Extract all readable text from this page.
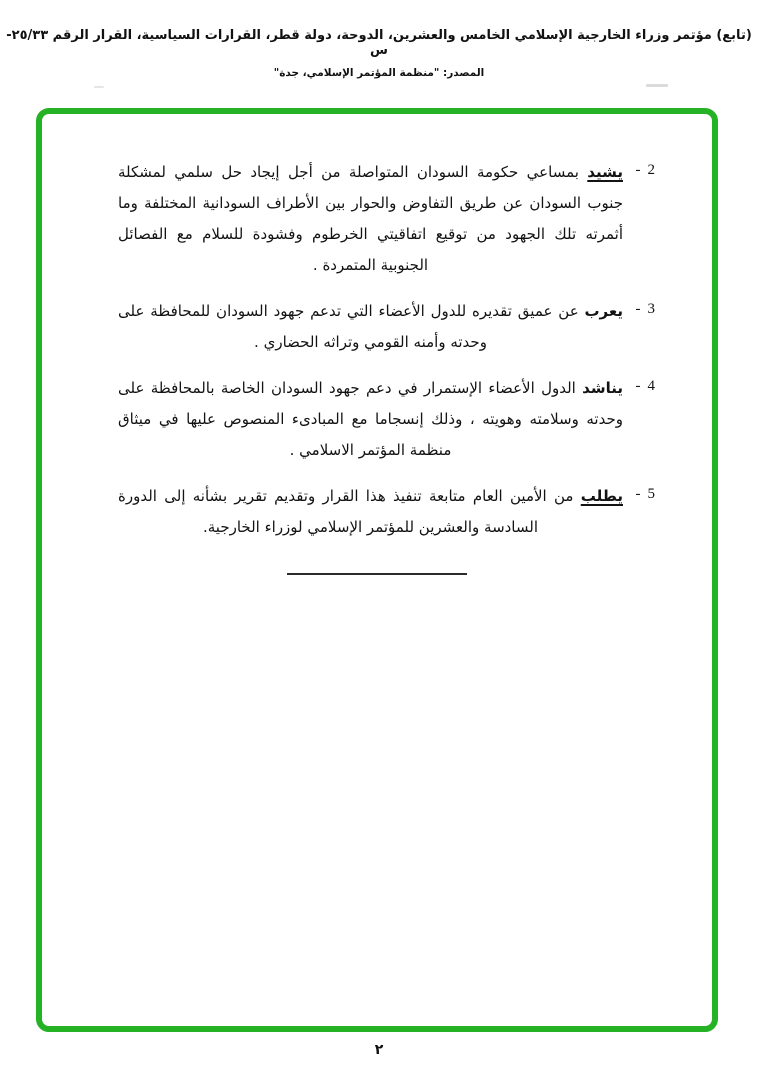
(تابع) مؤتمر وزراء الخارجية الإسلامي الخامس والعشرين، الدوحة، دولة قطر، القرارات السياسية، القرار الرقم ٢٥/٣٣-س
المصدر: "منظمة المؤتمر الإسلامي، جدة"
2
-
يشيد بمساعي حكومة السودان المتواصلة من أجل إيجاد حل سلمي لمشكلة جنوب السودان عن طريق التفاوض والحوار بين الأطراف السودانية المختلفة وما أثمرته تلك الجهود من توقيع اتفاقيتي الخرطوم وفشودة للسلام مع الفصائل الجنوبية المتمردة .
3
-
يعرب عن عميق تقديره للدول الأعضاء التي تدعم جهود السودان للمحافظة على وحدته وأمنه القومي وتراثه الحضاري .
4
-
يناشد الدول الأعضاء الإستمرار في دعم جهود السودان الخاصة بالمحافظة على وحدته وسلامته وهويته ، وذلك إنسجاما مع المبادىء المنصوص عليها في ميثاق منظمة المؤتمر الاسلامي .
5
-
يطلب من الأمين العام متابعة تنفيذ هذا القرار وتقديم تقرير بشأنه إلى الدورة السادسة والعشرين للمؤتمر الإسلامي لوزراء الخارجية.
٢
